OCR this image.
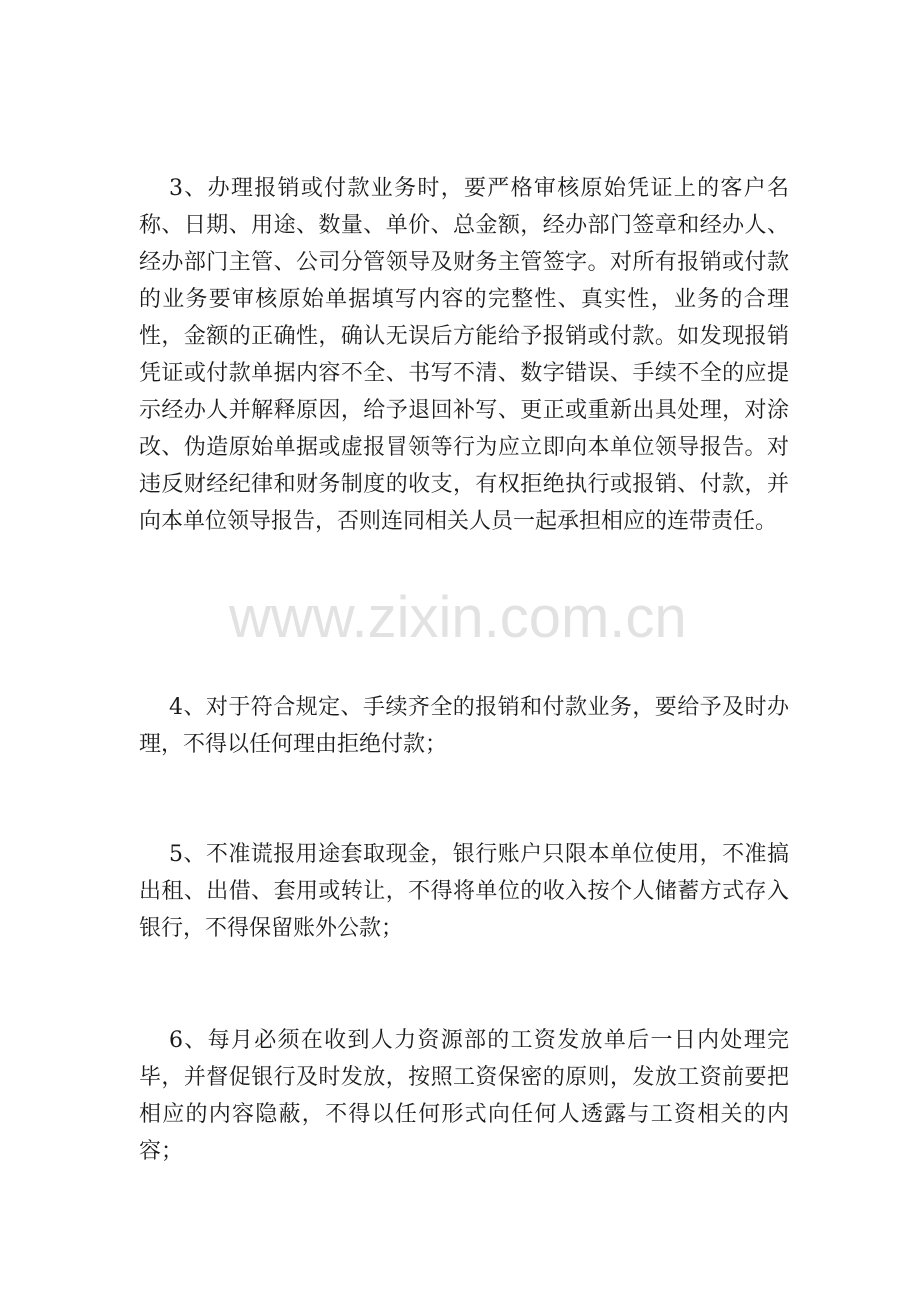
3、办理报销或付款业务时，要严格审核原始凭证上的客户名称、日期、用途、数量、单价、总金额，经办部门签章和经办人、经办部门主管、公司分管领导及财务主管签字。对所有报销或付款的业务要审核原始单据填写内容的完整性、真实性，业务的合理性，金额的正确性，确认无误后方能给予报销或付款。如发现报销凭证或付款单据内容不全、书写不清、数字错误、手续不全的应提示经办人并解释原因，给予退回补写、更正或重新出具处理，对涂改、伪造原始单据或虚报冒领等行为应立即向本单位领导报告。对违反财经纪律和财务制度的收支，有权拒绝执行或报销、付款，并向本单位领导报告，否则连同相关人员一起承担相应的连带责任。

4、对于符合规定、手续齐全的报销和付款业务，要给予及时办理，不得以任何理由拒绝付款；

5、不准谎报用途套取现金，银行账户只限本单位使用，不准搞出租、出借、套用或转让，不得将单位的收入按个人储蓄方式存入银行，不得保留账外公款；

6、每月必须在收到人力资源部的工资发放单后一日内处理完毕，并督促银行及时发放，按照工资保密的原则，发放工资前要把相应的内容隐蔽，不得以任何形式向任何人透露与工资相关的内容；

www.zixin.com.cn
